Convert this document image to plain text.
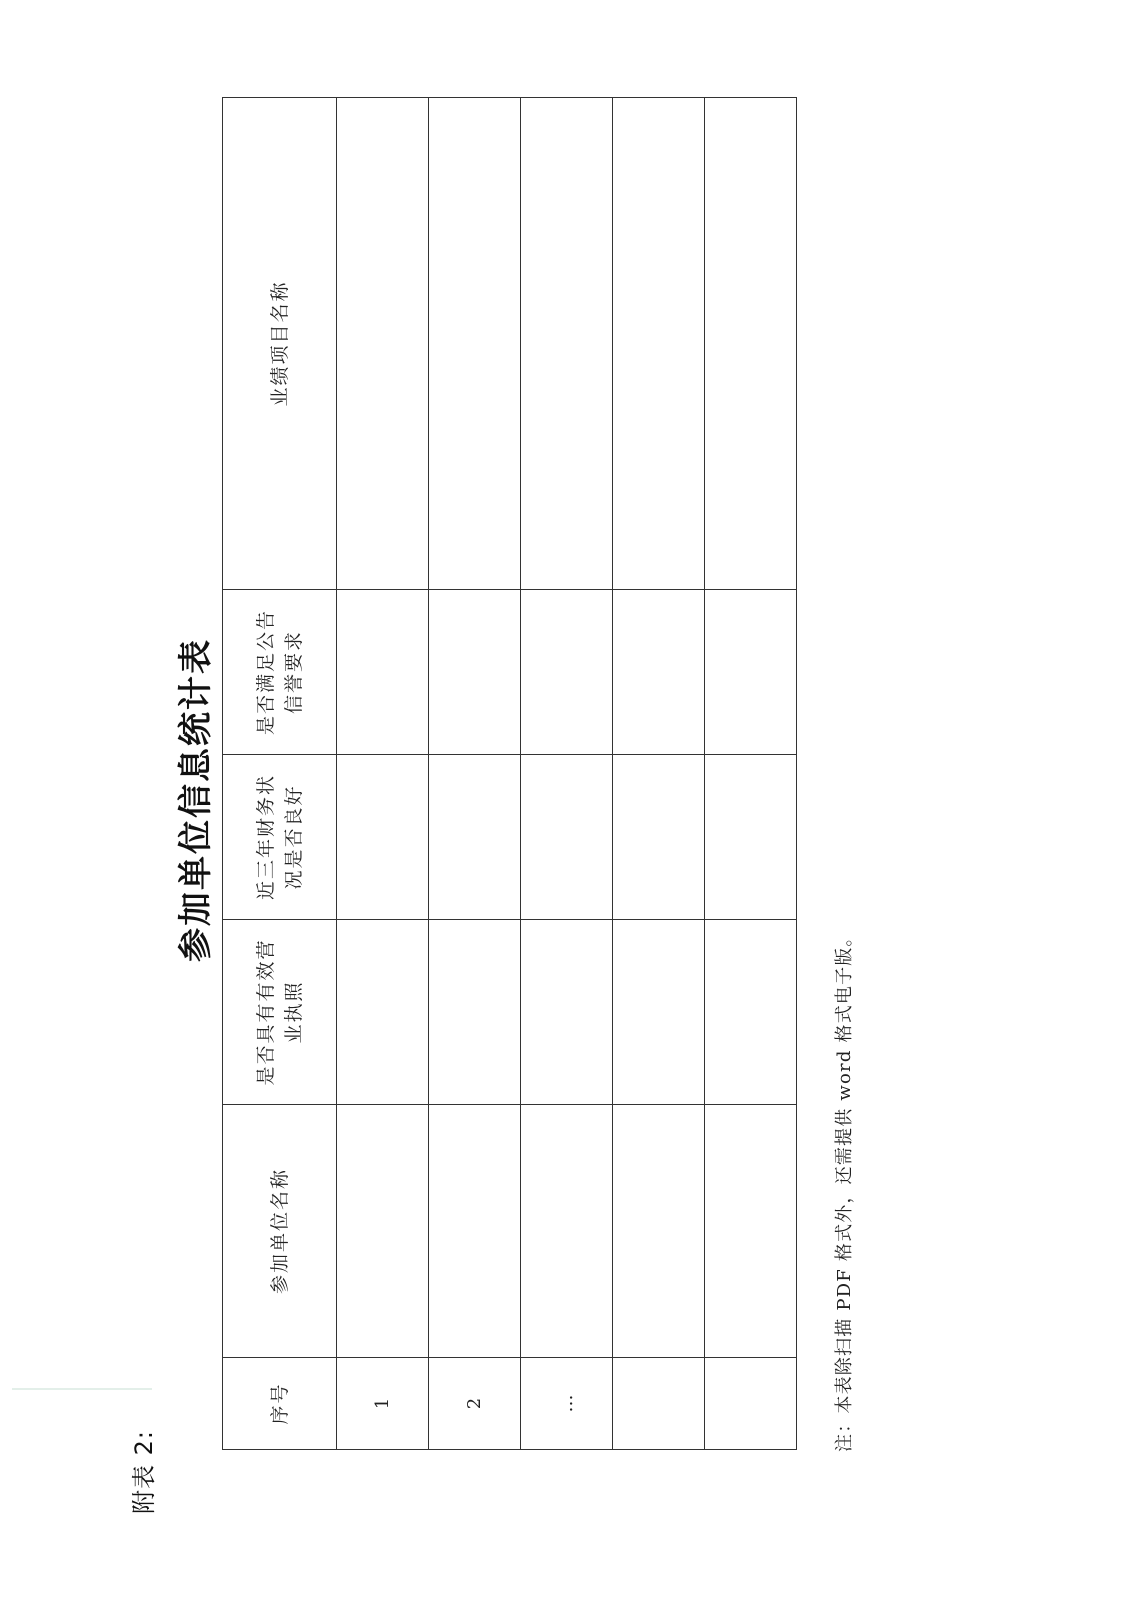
附表 2:
参加单位信息统计表
序号	参加单位名称	是否具有有效营业执照	近三年财务状况是否良好	是否满足公告信誉要求	业绩项目名称
1					
2					
…					

						注：本表除扫描 PDF 格式外，还需提供 word 格式电子版。
